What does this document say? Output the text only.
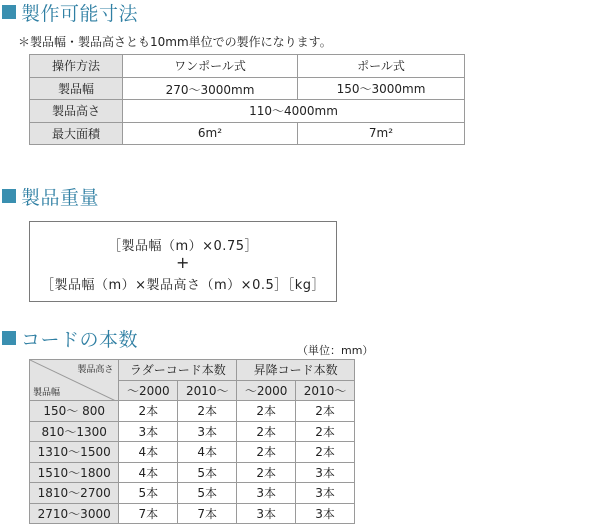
製作可能寸法
＊製品幅・製品高さとも10mm単位での製作になります。
操作方法	ワンポール式	ポール式
製品幅	270〜3000mm	150〜3000mm
製品高さ	110〜4000mm	
最大面積	6m²	7m²
製品重量
［製品幅（m）×0.75］
+
［製品幅（m）×製品高さ（m）×0.5］［kg］
コードの本数	（単位：mm）
製品高さ
製品幅	ラダーコード本数		昇降コード本数	
	〜2000	2010〜	〜2000	2010〜
150〜 800	2本	2本	2本	2本
810〜1300	3本	3本	2本	2本
1310〜1500	4本	4本	2本	2本
1510〜1800	4本	5本	2本	3本
1810〜2700	5本	5本	3本	3本
2710〜3000	7本	7本	3本	3本
